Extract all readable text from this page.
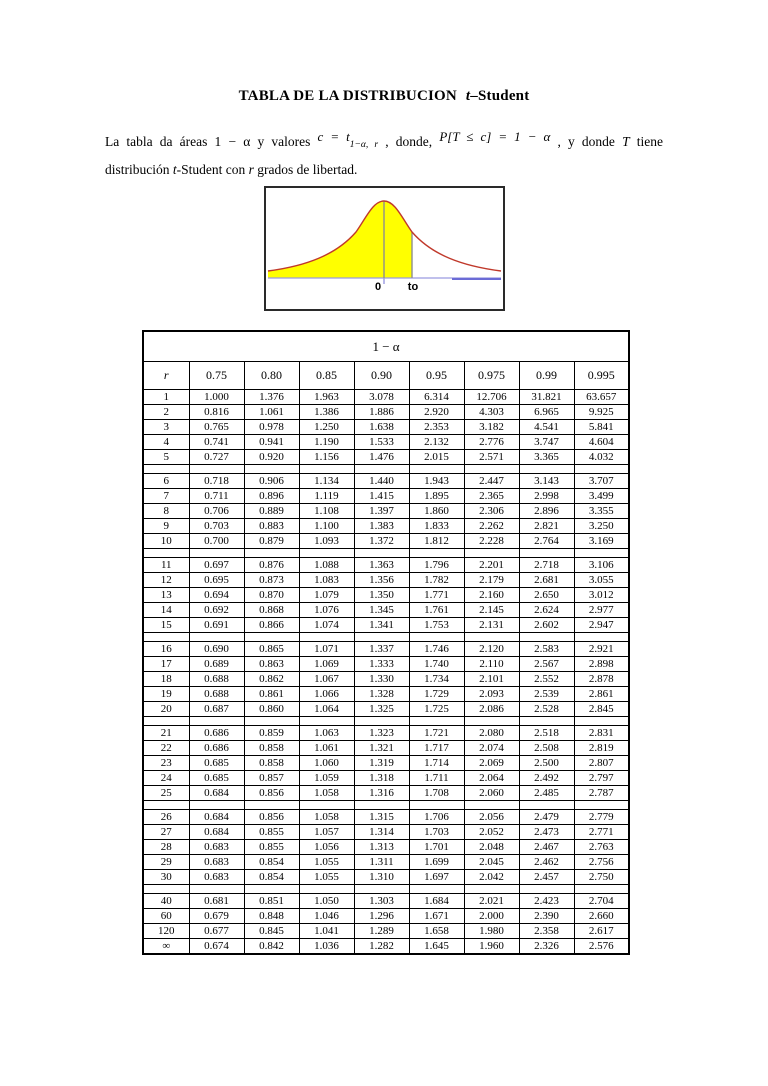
TABLA DE LA DISTRIBUCION t–Student
La tabla da áreas 1 − α y valores $c = t_{1-\alpha, r}$ , donde, P[T ≤ c] = 1 − α , y donde T tiene
distribución t-Student con r grados de libertad.
0 to
1 − α								
r	0.75	0.80	0.85	0.90	0.95	0.975	0.99	0.995
1	1.000	1.376	1.963	3.078	6.314	12.706	31.821	63.657
2	0.816	1.061	1.386	1.886	2.920	4.303	6.965	9.925
3	0.765	0.978	1.250	1.638	2.353	3.182	4.541	5.841
4	0.741	0.941	1.190	1.533	2.132	2.776	3.747	4.604
5	0.727	0.920	1.156	1.476	2.015	2.571	3.365	4.032

6	0.718	0.906	1.134	1.440	1.943	2.447	3.143	3.707
7	0.711	0.896	1.119	1.415	1.895	2.365	2.998	3.499
8	0.706	0.889	1.108	1.397	1.860	2.306	2.896	3.355
9	0.703	0.883	1.100	1.383	1.833	2.262	2.821	3.250
10	0.700	0.879	1.093	1.372	1.812	2.228	2.764	3.169

11	0.697	0.876	1.088	1.363	1.796	2.201	2.718	3.106
12	0.695	0.873	1.083	1.356	1.782	2.179	2.681	3.055
13	0.694	0.870	1.079	1.350	1.771	2.160	2.650	3.012
14	0.692	0.868	1.076	1.345	1.761	2.145	2.624	2.977
15	0.691	0.866	1.074	1.341	1.753	2.131	2.602	2.947

16	0.690	0.865	1.071	1.337	1.746	2.120	2.583	2.921
17	0.689	0.863	1.069	1.333	1.740	2.110	2.567	2.898
18	0.688	0.862	1.067	1.330	1.734	2.101	2.552	2.878
19	0.688	0.861	1.066	1.328	1.729	2.093	2.539	2.861
20	0.687	0.860	1.064	1.325	1.725	2.086	2.528	2.845

21	0.686	0.859	1.063	1.323	1.721	2.080	2.518	2.831
22	0.686	0.858	1.061	1.321	1.717	2.074	2.508	2.819
23	0.685	0.858	1.060	1.319	1.714	2.069	2.500	2.807
24	0.685	0.857	1.059	1.318	1.711	2.064	2.492	2.797
25	0.684	0.856	1.058	1.316	1.708	2.060	2.485	2.787

26	0.684	0.856	1.058	1.315	1.706	2.056	2.479	2.779
27	0.684	0.855	1.057	1.314	1.703	2.052	2.473	2.771
28	0.683	0.855	1.056	1.313	1.701	2.048	2.467	2.763
29	0.683	0.854	1.055	1.311	1.699	2.045	2.462	2.756
30	0.683	0.854	1.055	1.310	1.697	2.042	2.457	2.750

40	0.681	0.851	1.050	1.303	1.684	2.021	2.423	2.704
60	0.679	0.848	1.046	1.296	1.671	2.000	2.390	2.660
120	0.677	0.845	1.041	1.289	1.658	1.980	2.358	2.617
∞	0.674	0.842	1.036	1.282	1.645	1.960	2.326	2.576
